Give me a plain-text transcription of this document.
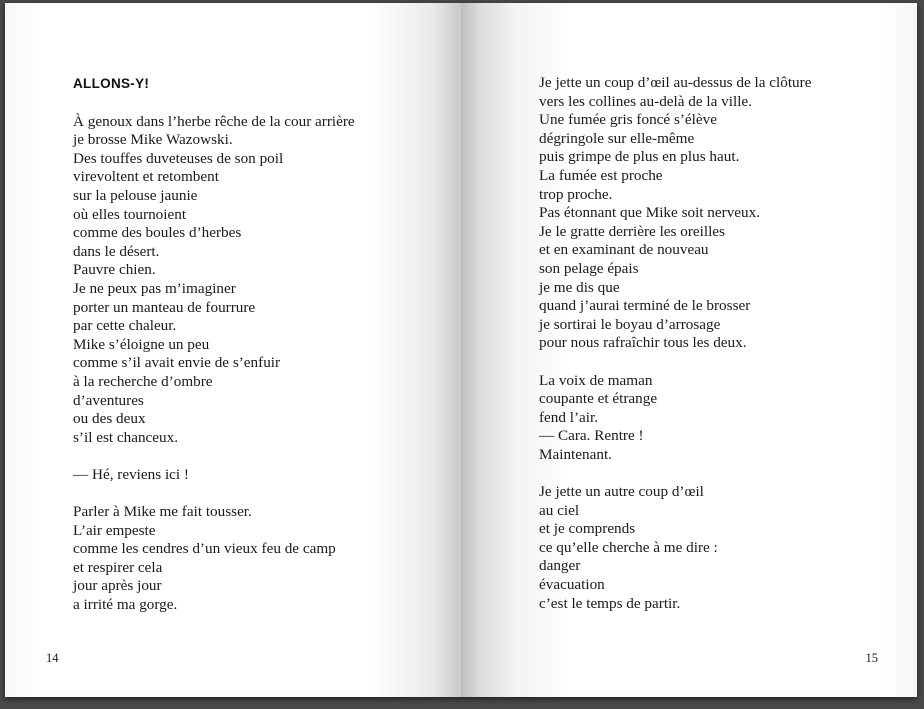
ALLONS-Y!
À genoux dans l’herbe rêche de la cour arrière
je brosse Mike Wazowski.
Des touffes duveteuses de son poil
virevoltent et retombent
sur la pelouse jaunie
où elles tournoient
comme des boules d’herbes
dans le désert.
Pauvre chien.
Je ne peux pas m’imaginer
porter un manteau de fourrure
par cette chaleur.
Mike s’éloigne un peu
comme s’il avait envie de s’enfuir
à la recherche d’ombre
d’aventures
ou des deux
s’il est chanceux.
— Hé, reviens ici !
Parler à Mike me fait tousser.
L’air empeste
comme les cendres d’un vieux feu de camp
et respirer cela
jour après jour
a irrité ma gorge.
14
Je jette un coup d’œil au-dessus de la clôture
vers les collines au-delà de la ville.
Une fumée gris foncé s’élève
dégringole sur elle-même
puis grimpe de plus en plus haut.
La fumée est proche
trop proche.
Pas étonnant que Mike soit nerveux.
Je le gratte derrière les oreilles
et en examinant de nouveau
son pelage épais
je me dis que
quand j’aurai terminé de le brosser
je sortirai le boyau d’arrosage
pour nous rafraîchir tous les deux.
La voix de maman
coupante et étrange
fend l’air.
— Cara. Rentre !
Maintenant.
Je jette un autre coup d’œil
au ciel
et je comprends
ce qu’elle cherche à me dire :
danger
évacuation
c’est le temps de partir.
15
